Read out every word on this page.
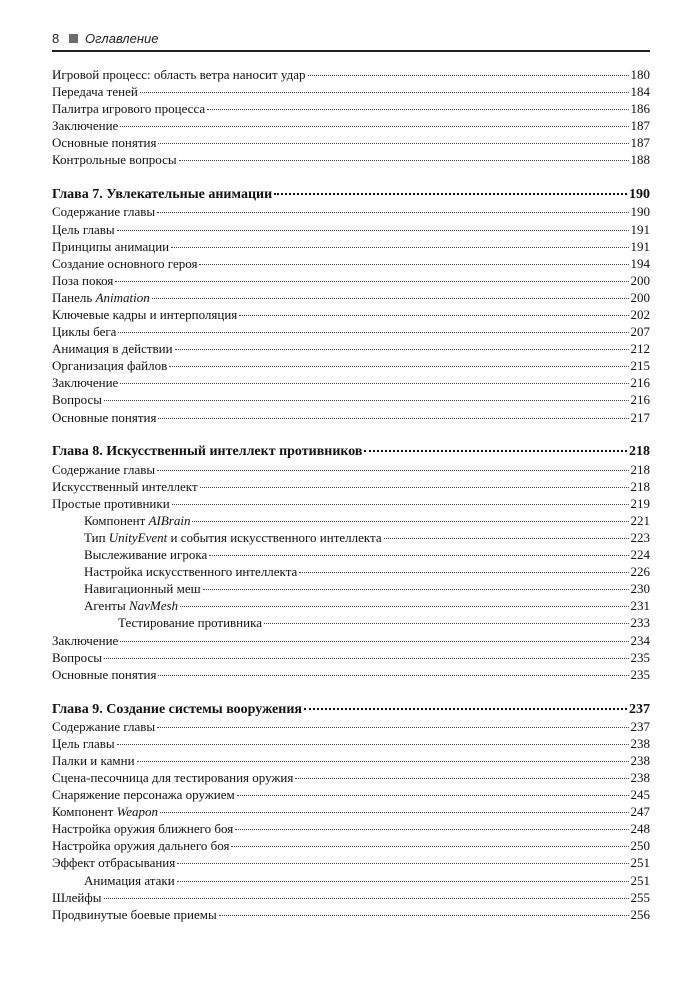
8 Оглавление
Игровой процесс: область ветра наносит удар	180
Передача теней	184
Палитра игрового процесса	186
Заключение	187
Основные понятия	187
Контрольные вопросы	188
Глава 7. Увлекательные анимации	190
Содержание главы	190
Цель главы	191
Принципы анимации	191
Создание основного героя	194
Поза покоя	200
Панель Animation	200
Ключевые кадры и интерполяция	202
Циклы бега	207
Анимация в действии	212
Организация файлов	215
Заключение	216
Вопросы	216
Основные понятия	217
Глава 8. Искусственный интеллект противников	218
Содержание главы	218
Искусственный интеллект	218
Простые противники	219
Компонент AIBrain	221
Тип UnityEvent и события искусственного интеллекта	223
Выслеживание игрока	224
Настройка искусственного интеллекта	226
Навигационный меш	230
Агенты NavMesh	231
Тестирование противника	233
Заключение	234
Вопросы	235
Основные понятия	235
Глава 9. Создание системы вооружения	237
Содержание главы	237
Цель главы	238
Палки и камни	238
Сцена-песочница для тестирования оружия	238
Снаряжение персонажа оружием	245
Компонент Weapon	247
Настройка оружия ближнего боя	248
Настройка оружия дальнего боя	250
Эффект отбрасывания	251
Анимация атаки	251
Шлейфы	255
Продвинутые боевые приемы	256
